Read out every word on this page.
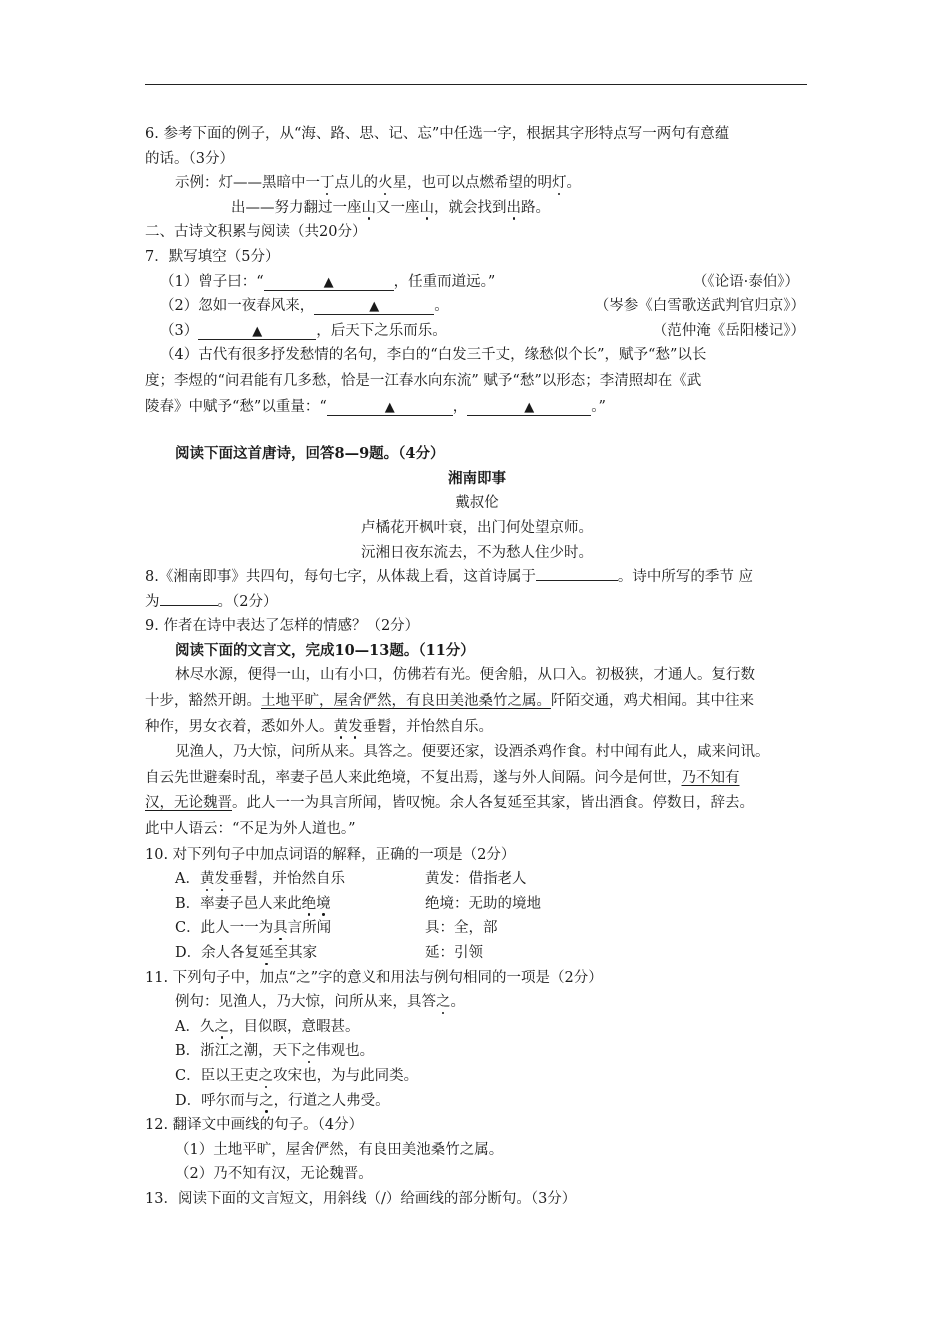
6. 参考下面的例子，从“海、路、思、记、忘”中任选一字，根据其字形特点写一两句有意蕴
的话。（3分）
示例：灯——黑暗中一丁点儿的火星，也可以点燃希望的明灯。
出——努力翻过一座山又一座山，就会找到出路。
二、古诗文积累与阅读（共20分）
7．默写填空（5分）
（1）曾子曰：“	▲	，任重而道远。”	（《论语·泰伯》）
（2）忽如一夜春风来，	▲	。	（岑参《白雪歌送武判官归京》）
（3）	▲	，后天下之乐而乐。	（范仲淹《岳阳楼记》）
（4）古代有很多抒发愁情的名句，李白的“白发三千丈，缘愁似个长”，赋予“愁”以长
度；李煜的“问君能有几多愁，恰是一江春水向东流” 赋予“愁”以形态；李清照却在《武
陵春》中赋予“愁”以重量：“	▲	，	▲	。”
阅读下面这首唐诗，回答8—9题。（4分）
湘南即事
戴叔伦
卢橘花开枫叶衰，出门何处望京师。
沅湘日夜东流去，不为愁人住少时。
8.《湘南即事》共四句，每句七字，从体裁上看，这首诗属于	。诗中所写的季节 应
为	。（2分）
9. 作者在诗中表达了怎样的情感？（2分）
阅读下面的文言文，完成10—13题。（11分）
林尽水源，便得一山，山有小口，仿佛若有光。便舍船，从口入。初极狭，才通人。复行数
十步，豁然开朗。土地平旷，屋舍俨然，有良田美池桑竹之属。阡陌交通，鸡犬相闻。其中往来
种作，男女衣着，悉如外人。黄发垂髫，并怡然自乐。
见渔人，乃大惊，问所从来。具答之。便要还家，设酒杀鸡作食。村中闻有此人，咸来问讯。
自云先世避秦时乱，率妻子邑人来此绝境，不复出焉，遂与外人间隔。问今是何世，乃不知有
汉，无论魏晋。此人一一为具言所闻，皆叹惋。余人各复延至其家，皆出酒食。停数日，辞去。
此中人语云：“不足为外人道也。”
10. 对下列句子中加点词语的解释，正确的一项是（2分）
A．黄发垂髫，并怡然自乐	黄发：借指老人
B．率妻子邑人来此绝境	绝境：无助的境地
C．此人一一为具言所闻	具：全，部
D．余人各复延至其家	延：引领
11. 下列句子中，加点“之”字的意义和用法与例句相同的一项是（2分）
例句：见渔人，乃大惊，问所从来，具答之。
A．久之，目似瞑，意暇甚。
B．浙江之潮，天下之伟观也。
C．臣以王吏之攻宋也，为与此同类。
D．呼尔而与之，行道之人弗受。
12. 翻译文中画线的句子。（4分）
（1）土地平旷，屋舍俨然，有良田美池桑竹之属。
（2）乃不知有汉，无论魏晋。
13．阅读下面的文言短文，用斜线（/）给画线的部分断句。（3分）
